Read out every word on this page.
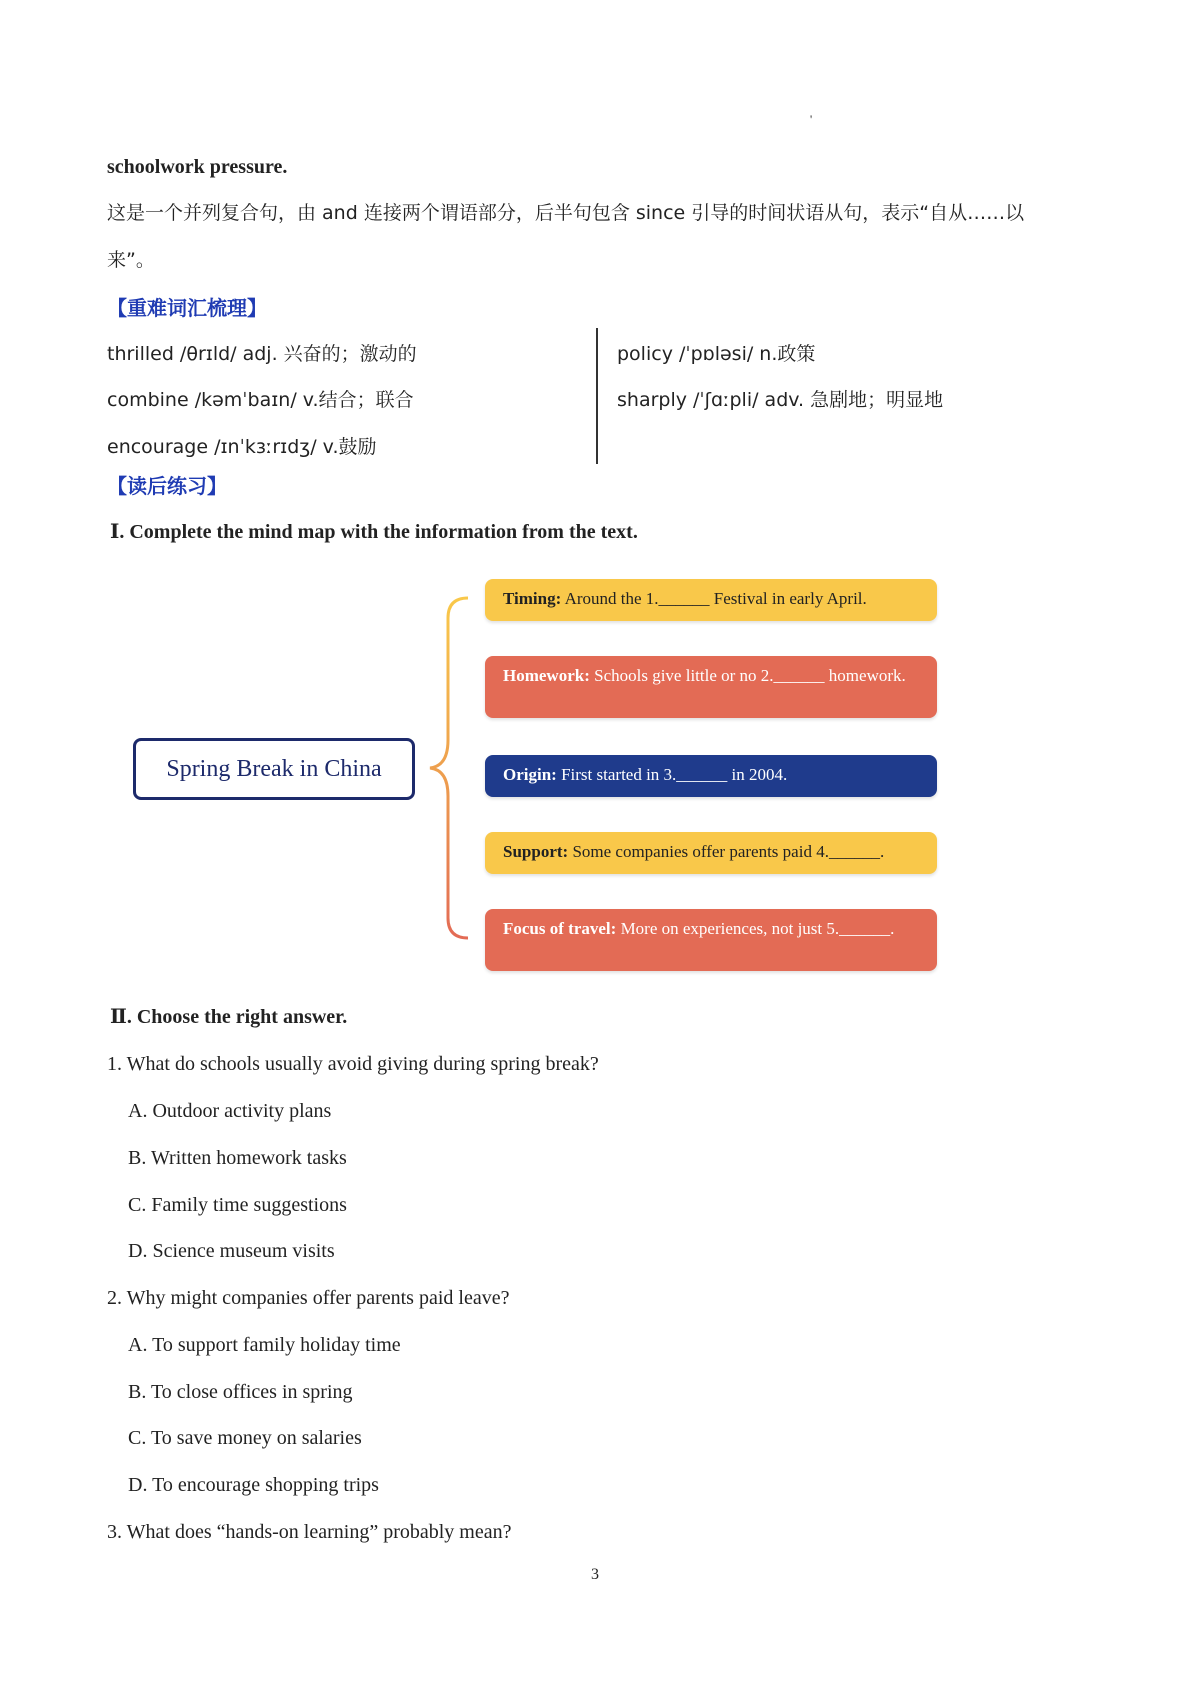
'
schoolwork pressure.
这是一个并列复合句，由 and 连接两个谓语部分，后半句包含 since 引导的时间状语从句，表示“自从……以
来”。
【重难词汇梳理】
thrilled /θrɪld/ adj. 兴奋的；激动的
combine /kəmˈbaɪn/ v.结合；联合
encourage /ɪnˈkɜːrɪdʒ/ v.鼓励
policy /ˈpɒləsi/ n.政策
sharply /ˈʃɑːpli/ adv. 急剧地；明显地
【读后练习】
Ⅰ. Complete the mind map with the information from the text.
Spring Break in China
Timing: Around the 1.______ Festival in early April.
Homework: Schools give little or no 2.______ homework.
Origin: First started in 3.______ in 2004.
Support: Some companies offer parents paid 4.______.
Focus of travel: More on experiences, not just 5.______.
Ⅱ. Choose the right answer.
1. What do schools usually avoid giving during spring break?
A. Outdoor activity plans
B. Written homework tasks
C. Family time suggestions
D. Science museum visits
2. Why might companies offer parents paid leave?
A. To support family holiday time
B. To close offices in spring
C. To save money on salaries
D. To encourage shopping trips
3. What does “hands-on learning” probably mean?
3
